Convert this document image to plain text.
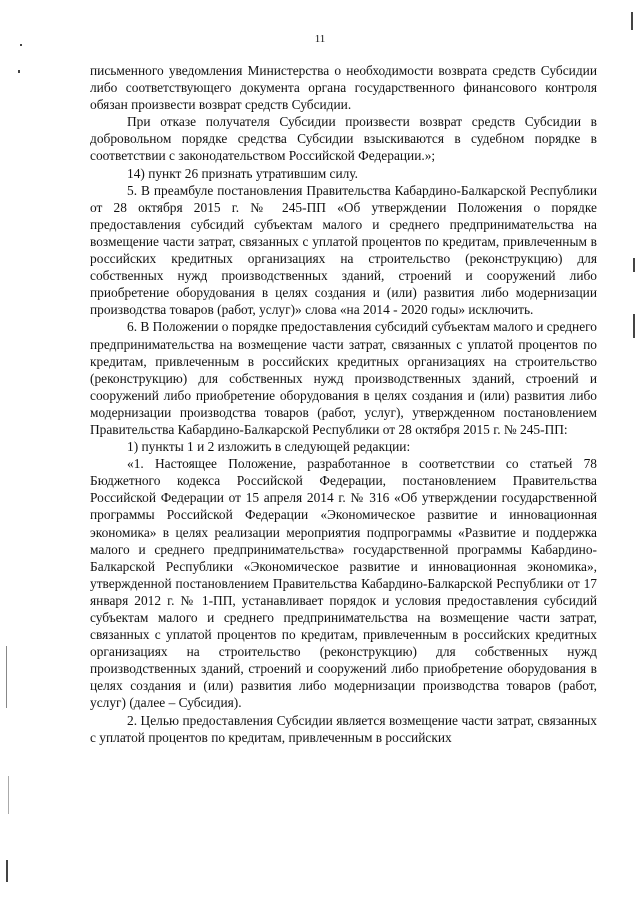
11

письменного уведомления Министерства о необходимости возврата средств Субсидии либо соответствующего документа органа государственного финансового контроля обязан произвести возврат средств Субсидии.

При отказе получателя Субсидии произвести возврат средств Субсидии в добровольном порядке средства Субсидии взыскиваются в судебном порядке в соответствии с законодательством Российской Федерации.»;

14) пункт 26 признать утратившим силу.

5. В преамбуле постановления Правительства Кабардино-Балкарской Республики от 28 октября 2015 г. № 245-ПП «Об утверждении Положения о порядке предоставления субсидий субъектам малого и среднего предпринимательства на возмещение части затрат, связанных с уплатой процентов по кредитам, привлеченным в российских кредитных организациях на строительство (реконструкцию) для собственных нужд производственных зданий, строений и сооружений либо приобретение оборудования в целях создания и (или) развития либо модернизации производства товаров (работ, услуг)» слова «на 2014 - 2020 годы» исключить.

6. В Положении о порядке предоставления субсидий субъектам малого и среднего предпринимательства на возмещение части затрат, связанных с уплатой процентов по кредитам, привлеченным в российских кредитных организациях на строительство (реконструкцию) для собственных нужд производственных зданий, строений и сооружений либо приобретение оборудования в целях создания и (или) развития либо модернизации производства товаров (работ, услуг), утвержденном постановлением Правительства Кабардино-Балкарской Республики от 28 октября 2015 г. № 245-ПП:

1) пункты 1 и 2 изложить в следующей редакции:

«1. Настоящее Положение, разработанное в соответствии со статьей 78 Бюджетного кодекса Российской Федерации, постановлением Правительства Российской Федерации от 15 апреля 2014 г. № 316 «Об утверждении государственной программы Российской Федерации «Экономическое развитие и инновационная экономика» в целях реализации мероприятия подпрограммы «Развитие и поддержка малого и среднего предпринимательства» государственной программы Кабардино-Балкарской Республики «Экономическое развитие и инновационная экономика», утвержденной постановлением Правительства Кабардино-Балкарской Республики от 17 января 2012 г. № 1-ПП, устанавливает порядок и условия предоставления субсидий субъектам малого и среднего предпринимательства на возмещение части затрат, связанных с уплатой процентов по кредитам, привлеченным в российских кредитных организациях на строительство (реконструкцию) для собственных нужд производственных зданий, строений и сооружений либо приобретение оборудования в целях создания и (или) развития либо модернизации производства товаров (работ, услуг) (далее – Субсидия).

2. Целью предоставления Субсидии является возмещение части затрат, связанных с уплатой процентов по кредитам, привлеченным в российских
